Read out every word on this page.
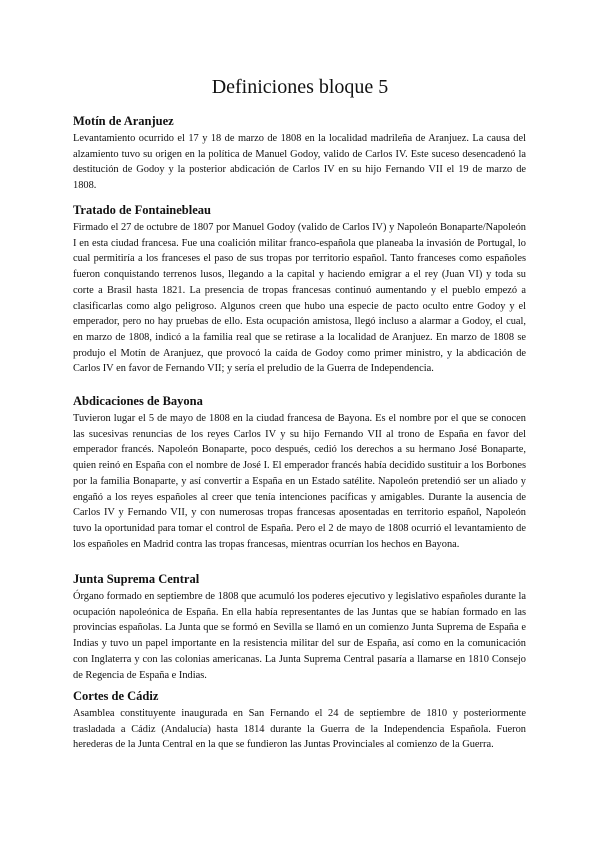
Definiciones bloque 5

Motín de Aranjuez

Levantamiento ocurrido el 17 y 18 de marzo de 1808 en la localidad madrileña de Aranjuez. La causa del alzamiento tuvo su origen en la política de Manuel Godoy, valido de Carlos IV. Este suceso desencadenó la destitución de Godoy y la posterior abdicación de Carlos IV en su hijo Fernando VII el 19 de marzo de 1808.

Tratado de Fontainebleau

Firmado el 27 de octubre de 1807 por Manuel Godoy (valido de Carlos IV) y Napoleón Bonaparte/Napoleón I en esta ciudad francesa. Fue una coalición militar franco-española que planeaba la invasión de Portugal, lo cual permitiría a los franceses el paso de sus tropas por territorio español. Tanto franceses como españoles fueron conquistando terrenos lusos, llegando a la capital y haciendo emigrar a el rey (Juan VI) y toda su corte a Brasil hasta 1821. La presencia de tropas francesas continuó aumentando y el pueblo empezó a clasificarlas como algo peligroso. Algunos creen que hubo una especie de pacto oculto entre Godoy y el emperador, pero no hay pruebas de ello. Esta ocupación amistosa, llegó incluso a alarmar a Godoy, el cual, en marzo de 1808, indicó a la familia real que se retirase a la localidad de Aranjuez. En marzo de 1808 se produjo el Motín de Aranjuez, que provocó la caída de Godoy como primer ministro, y la abdicación de Carlos IV en favor de Fernando VII; y sería el preludio de la Guerra de Independencia.

Abdicaciones de Bayona

Tuvieron lugar el 5 de mayo de 1808 en la ciudad francesa de Bayona. Es el nombre por el que se conocen las sucesivas renuncias de los reyes Carlos IV y su hijo Fernando VII al trono de España en favor del emperador francés. Napoleón Bonaparte, poco después, cedió los derechos a su hermano José Bonaparte, quien reinó en España con el nombre de José I. El emperador francés había decidido sustituir a los Borbones por la familia Bonaparte, y así convertir a España en un Estado satélite. Napoleón pretendió ser un aliado y engañó a los reyes españoles al creer que tenía intenciones pacíficas y amigables. Durante la ausencia de Carlos IV y Fernando VII, y con numerosas tropas francesas aposentadas en territorio español, Napoleón tuvo la oportunidad para tomar el control de España. Pero el 2 de mayo de 1808 ocurrió el levantamiento de los españoles en Madrid contra las tropas francesas, mientras ocurrían los hechos en Bayona.

Junta Suprema Central

Órgano formado en septiembre de 1808 que acumuló los poderes ejecutivo y legislativo españoles durante la ocupación napoleónica de España. En ella había representantes de las Juntas que se habían formado en las provincias españolas. La Junta que se formó en Sevilla se llamó en un comienzo Junta Suprema de España e Indias y tuvo un papel importante en la resistencia militar del sur de España, así como en la comunicación con Inglaterra y con las colonias americanas. La Junta Suprema Central pasaría a llamarse en 1810 Consejo de Regencia de España e Indias.

Cortes de Cádiz

Asamblea constituyente inaugurada en San Fernando el 24 de septiembre de 1810 y posteriormente trasladada a Cádiz (Andalucía) hasta 1814 durante la Guerra de la Independencia Española. Fueron herederas de la Junta Central en la que se fundieron las Juntas Provinciales al comienzo de la Guerra.
